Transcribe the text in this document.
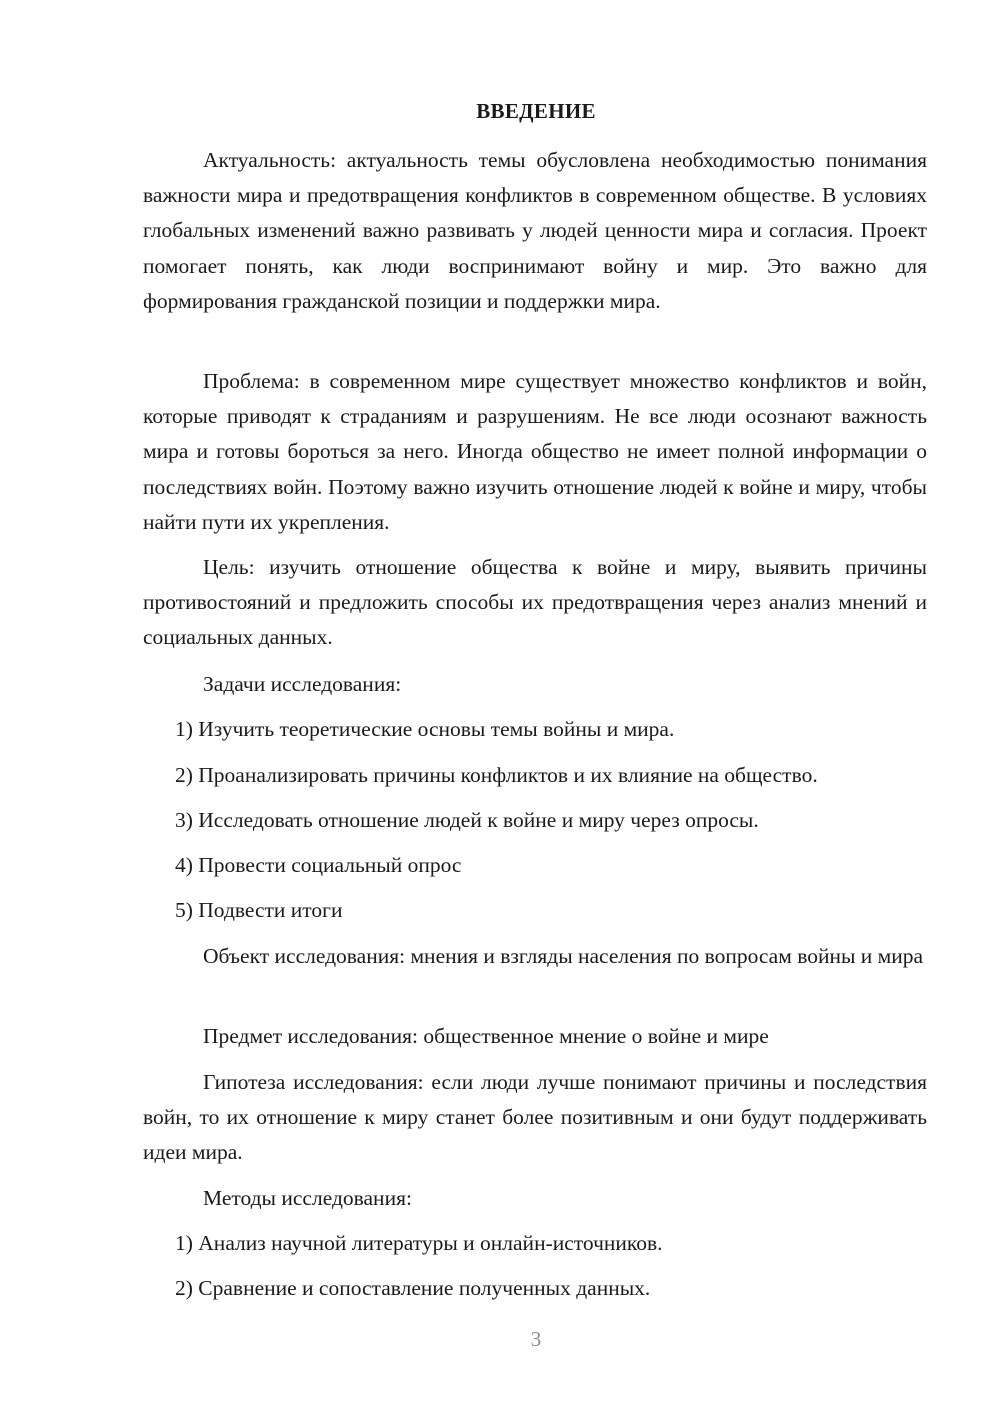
ВВЕДЕНИЕ

Актуальность: актуальность темы обусловлена необходимостью понимания важности мира и предотвращения конфликтов в современном обществе. В условиях глобальных изменений важно развивать у людей ценности мира и согласия. Проект помогает понять, как люди воспринимают войну и мир. Это важно для формирования гражданской позиции и поддержки мира.

Проблема: в современном мире существует множество конфликтов и войн, которые приводят к страданиям и разрушениям. Не все люди осознают важность мира и готовы бороться за него. Иногда общество не имеет полной информации о последствиях войн. Поэтому важно изучить отношение людей к войне и миру, чтобы найти пути их укрепления.

Цель: изучить отношение общества к войне и миру, выявить причины противостояний и предложить способы их предотвращения через анализ мнений и социальных данных.

Задачи исследования:

1) Изучить теоретические основы темы войны и мира.

2) Проанализировать причины конфликтов и их влияние на общество.

3) Исследовать отношение людей к войне и миру через опросы.

4) Провести социальный опрос

5) Подвести итоги

Объект исследования: мнения и взгляды населения по вопросам войны и мира

Предмет исследования: общественное мнение о войне и мире

Гипотеза исследования: если люди лучше понимают причины и последствия войн, то их отношение к миру станет более позитивным и они будут поддерживать идеи мира.

Методы исследования:

1) Анализ научной литературы и онлайн-источников.

2) Сравнение и сопоставление полученных данных.

3
